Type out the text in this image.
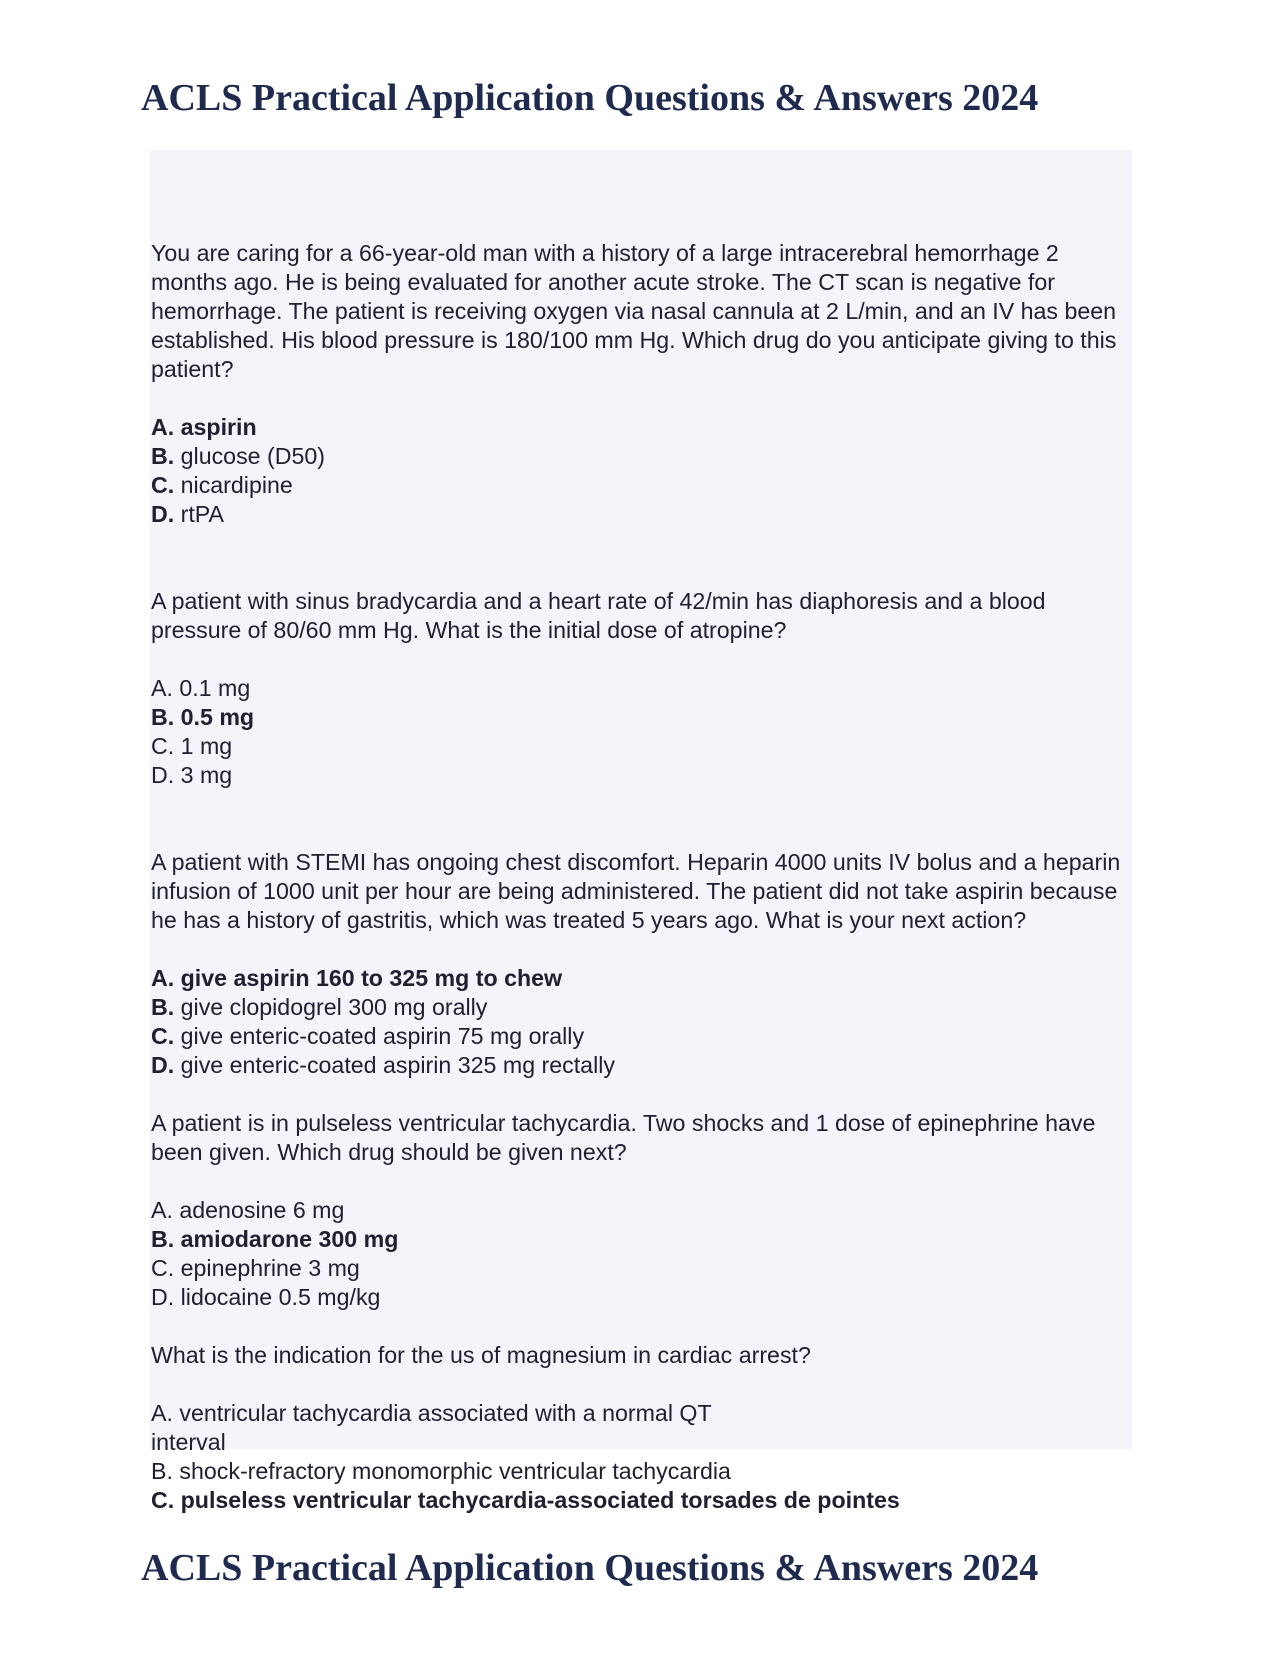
ACLS Practical Application Questions & Answers 2024

You are caring for a 66-year-old man with a history of a large intracerebral hemorrhage 2 months ago. He is being evaluated for another acute stroke. The CT scan is negative for hemorrhage. The patient is receiving oxygen via nasal cannula at 2 L/min, and an IV has been established. His blood pressure is 180/100 mm Hg. Which drug do you anticipate giving to this patient?

A. aspirin
B. glucose (D50)
C. nicardipine
D. rtPA

A patient with sinus bradycardia and a heart rate of 42/min has diaphoresis and a blood pressure of 80/60 mm Hg. What is the initial dose of atropine?

A. 0.1 mg
B. 0.5 mg
C. 1 mg
D. 3 mg

A patient with STEMI has ongoing chest discomfort. Heparin 4000 units IV bolus and a heparin infusion of 1000 unit per hour are being administered. The patient did not take aspirin because he has a history of gastritis, which was treated 5 years ago. What is your next action?

A. give aspirin 160 to 325 mg to chew
B. give clopidogrel 300 mg orally
C. give enteric-coated aspirin 75 mg orally
D. give enteric-coated aspirin 325 mg rectally

A patient is in pulseless ventricular tachycardia. Two shocks and 1 dose of epinephrine have been given. Which drug should be given next?

A. adenosine 6 mg
B. amiodarone 300 mg
C. epinephrine 3 mg
D. lidocaine 0.5 mg/kg

What is the indication for the us of magnesium in cardiac arrest?

A. ventricular tachycardia associated with a normal QT
interval
B. shock-refractory monomorphic ventricular tachycardia
C. pulseless ventricular tachycardia-associated torsades de pointes
ACLS Practical Application Questions & Answers 2024
